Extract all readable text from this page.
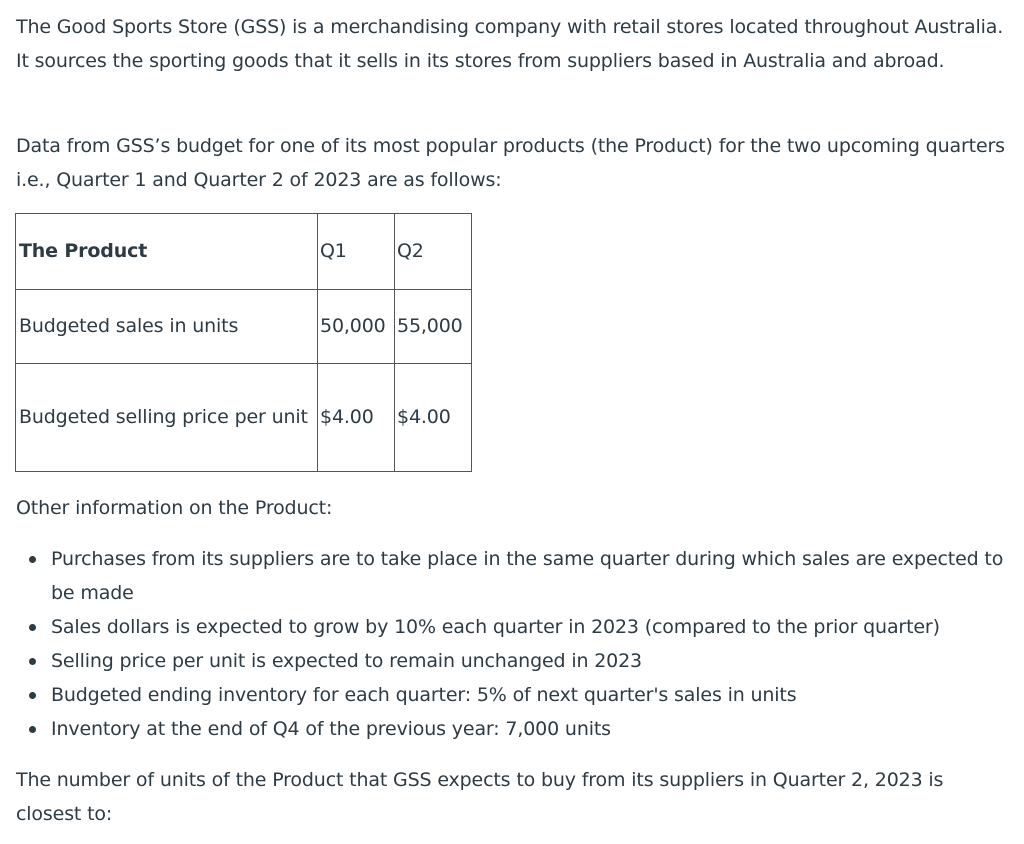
The Good Sports Store (GSS) is a merchandising company with retail stores located throughout Australia. It sources the sporting goods that it sells in its stores from suppliers based in Australia and abroad.

Data from GSS’s budget for one of its most popular products (the Product) for the two upcoming quarters i.e., Quarter 1 and Quarter 2 of 2023 are as follows:

The Product	Q1	Q2
Budgeted sales in units	50,000	55,000
Budgeted selling price per unit	$4.00	$4.00

Other information on the Product:

Purchases from its suppliers are to take place in the same quarter during which sales are expected to be made
Sales dollars is expected to grow by 10% each quarter in 2023 (compared to the prior quarter)
Selling price per unit is expected to remain unchanged in 2023
Budgeted ending inventory for each quarter: 5% of next quarter's sales in units
Inventory at the end of Q4 of the previous year: 7,000 units

The number of units of the Product that GSS expects to buy from its suppliers in Quarter 2, 2023 is closest to:
